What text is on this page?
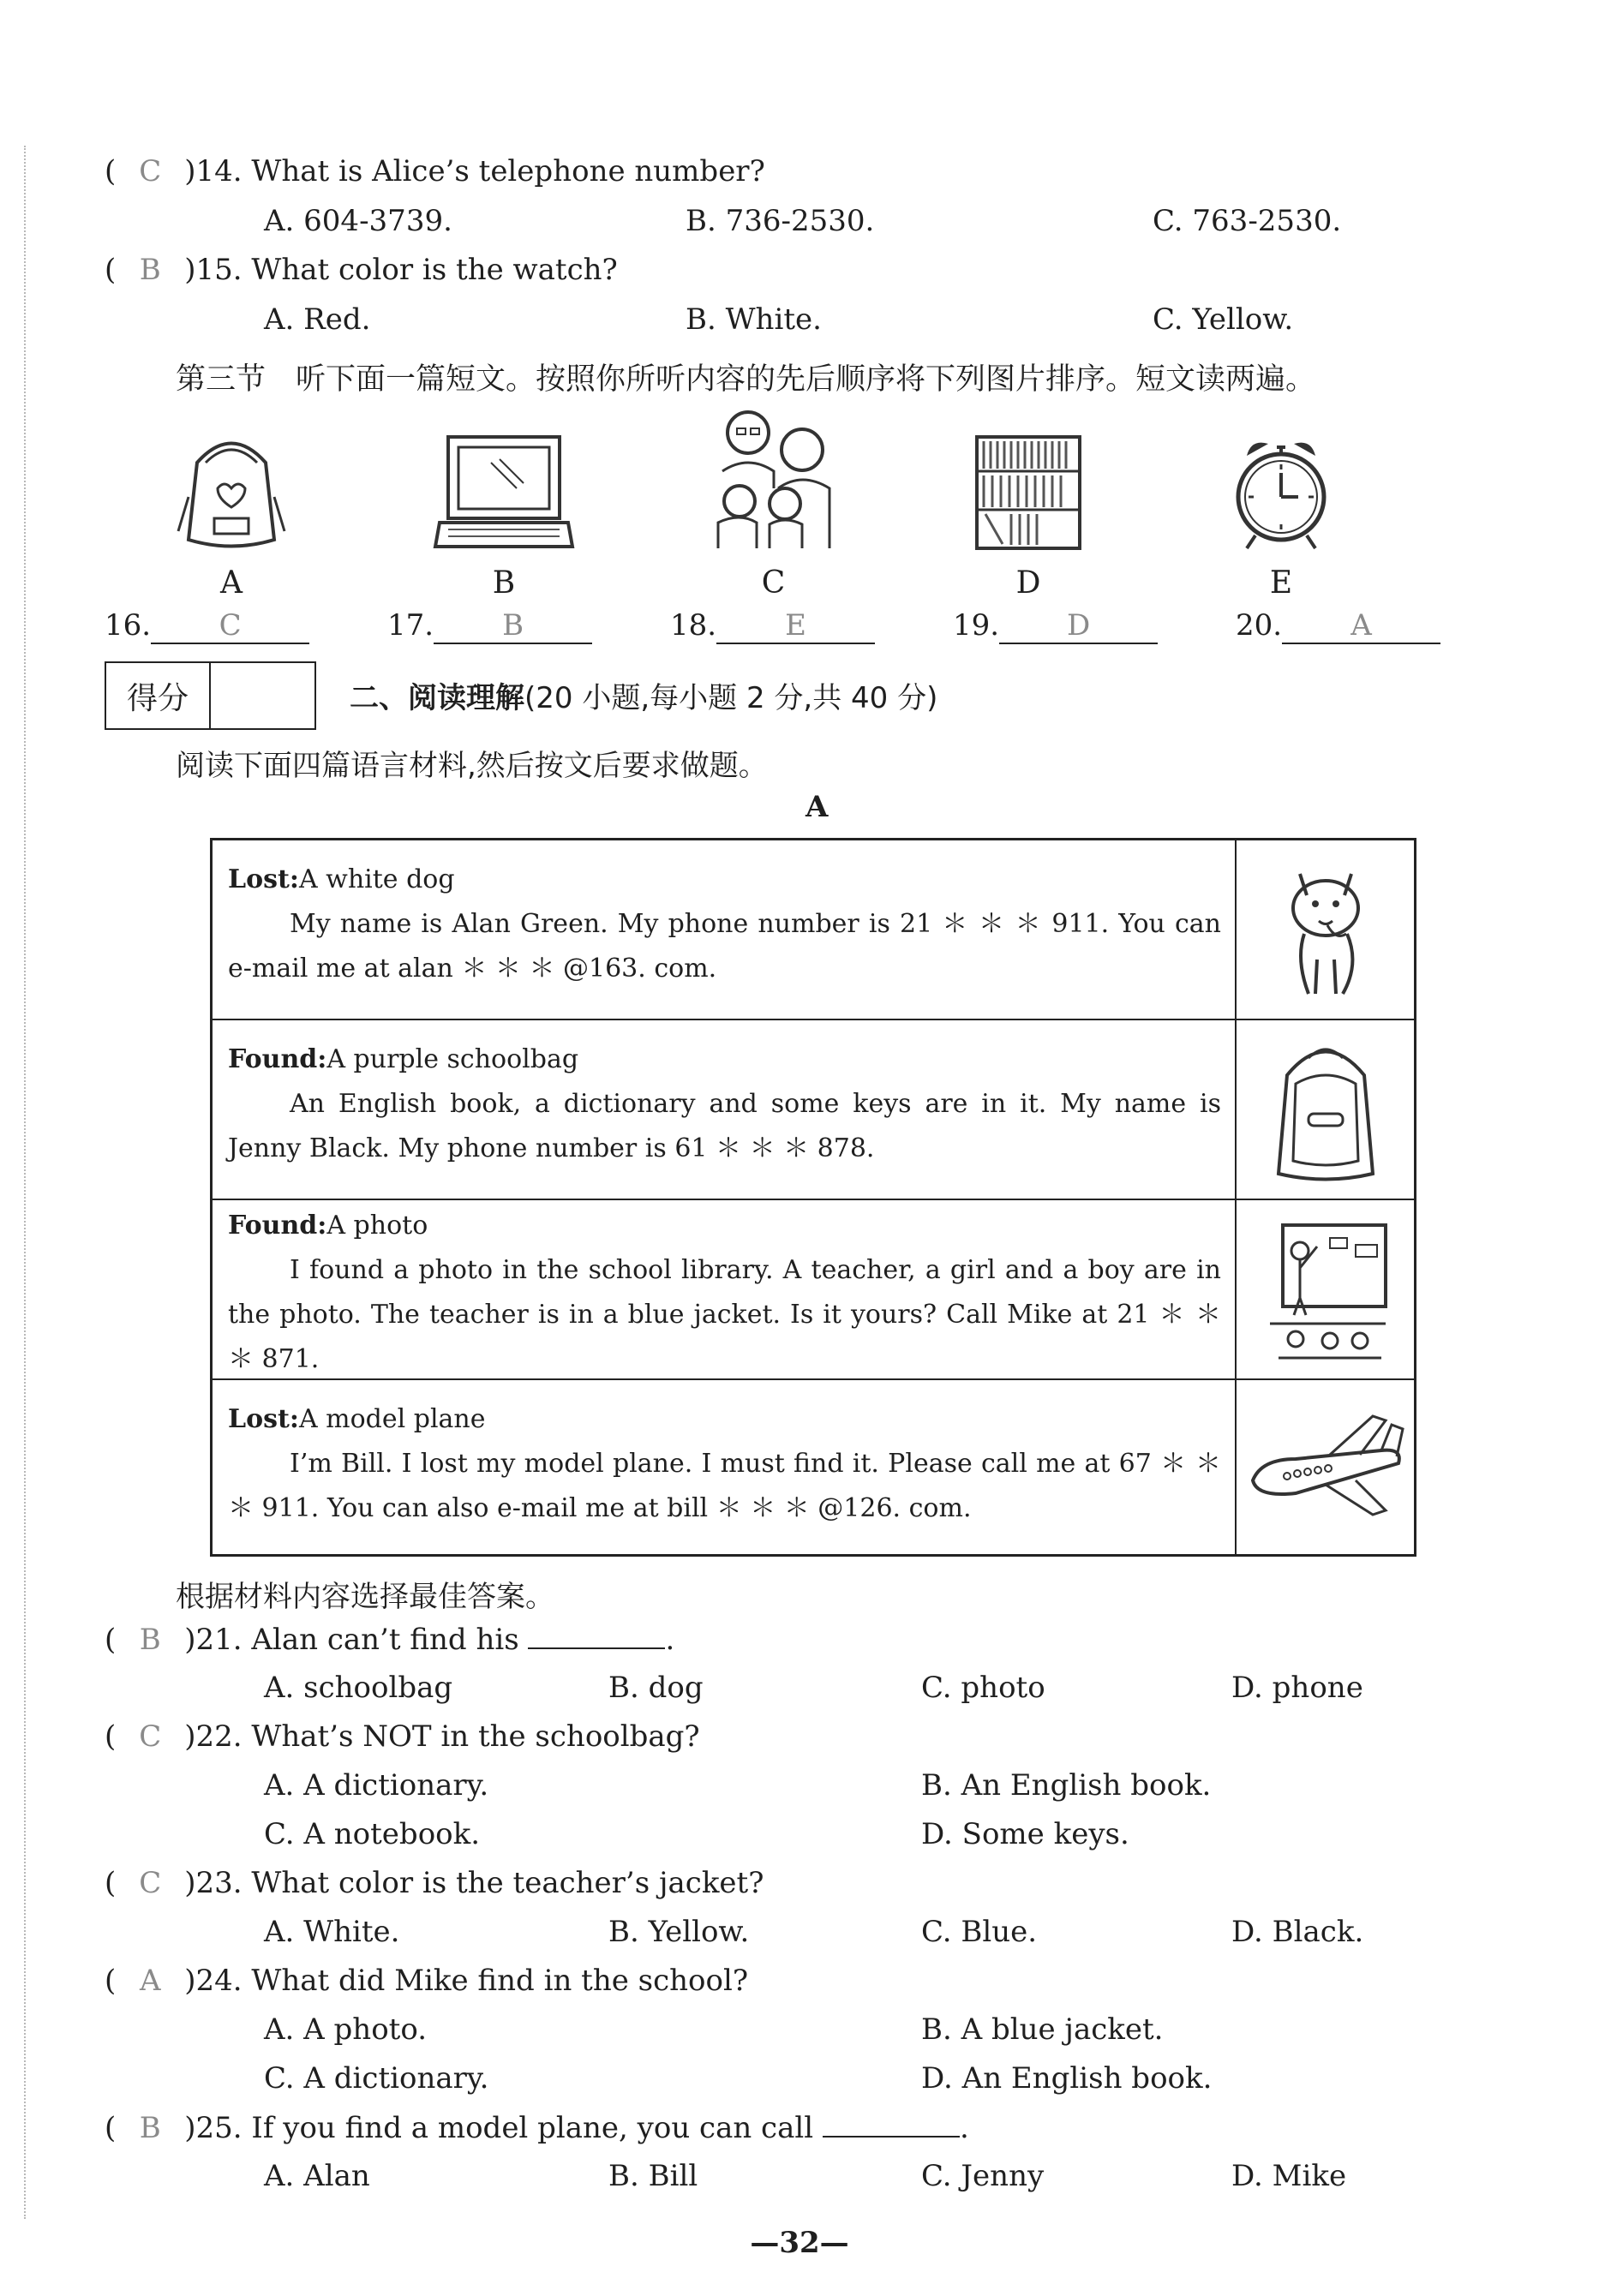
( C )14. What is Alice’s telephone number?
A. 604-3739.	B. 736-2530.	C. 763-2530.
( B )15. What color is the watch?
A. Red.	B. White.	C. Yellow.
第三节　听下面一篇短文。按照你所听内容的先后顺序将下列图片排序。短文读两遍。
A	B	C	D	E
16. C	17. B	18. E	19. D	20. A
得分	二、阅读理解(20 小题,每小题 2 分,共 40 分)
阅读下面四篇语言材料,然后按文后要求做题。
A
Lost:A white dog
My name is Alan Green. My phone number is 21 ＊ ＊ ＊ 911. You can e-mail me at alan ＊ ＊ ＊ @163. com.
Found:A purple schoolbag
An English book, a dictionary and some keys are in it. My name is Jenny Black. My phone number is 61 ＊ ＊ ＊ 878.
Found:A photo
I found a photo in the school library. A teacher, a girl and a boy are in the photo. The teacher is in a blue jacket. Is it yours? Call Mike at 21 ＊ ＊ ＊ 871.
Lost:A model plane
I’m Bill. I lost my model plane. I must find it. Please call me at 67 ＊ ＊ ＊ 911. You can also e-mail me at bill ＊ ＊ ＊ @126. com.
根据材料内容选择最佳答案。
( B )21. Alan can’t find his	.
A. schoolbag	B. dog	C. photo	D. phone
( C )22. What’s NOT in the schoolbag?
A. A dictionary.	B. An English book.
C. A notebook.	D. Some keys.
( C )23. What color is the teacher’s jacket?
A. White.	B. Yellow.	C. Blue.	D. Black.
( A )24. What did Mike find in the school?
A. A photo.	B. A blue jacket.
C. A dictionary.	D. An English book.
( B )25. If you find a model plane, you can call	.
A. Alan	B. Bill	C. Jenny	D. Mike
—32—
